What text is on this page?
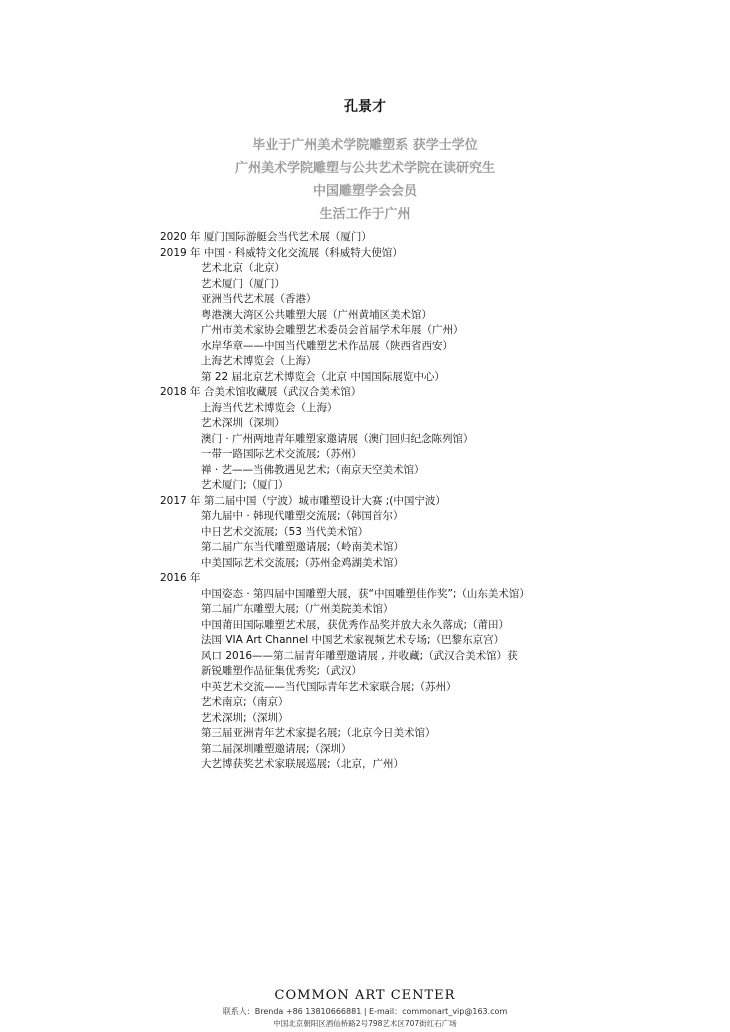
孔景才
毕业于广州美术学院雕塑系 获学士学位
广州美术学院雕塑与公共艺术学院在读研究生
中国雕塑学会会员
生活工作于广州
2020 年 厦门国际游艇会当代艺术展（厦门）
2019 年 中国 · 科威特文化交流展（科威特大使馆）
艺术北京（北京）
艺术厦门（厦门）
亚洲当代艺术展（香港）
粤港澳大湾区公共雕塑大展（广州黄埔区美术馆）
广州市美术家协会雕塑艺术委员会首届学术年展（广州）
水岸华章——中国当代雕塑艺术作品展（陕西省西安）
上海艺术博览会（上海）
第 22 届北京艺术博览会（北京 中国国际展览中心）
2018 年 合美术馆收藏展（武汉合美术馆）
上海当代艺术博览会（上海）
艺术深圳（深圳）
澳门 · 广州两地青年雕塑家邀请展（澳门回归纪念陈列馆）
一带一路国际艺术交流展;（苏州）
禅 · 艺——当佛教遇见艺术;（南京天空美术馆）
艺术厦门;（厦门）
2017 年 第二届中国（宁波）城市雕塑设计大赛 ;(中国宁波）
第九届中 · 韩现代雕塑交流展;（韩国首尔）
中日艺术交流展;（53 当代美术馆）
第二届广东当代雕塑邀请展;（岭南美术馆）
中美国际艺术交流展;（苏州金鸡湖美术馆）
2016 年
中国姿态 · 第四届中国雕塑大展，获“中国雕塑佳作奖”;（山东美术馆）
第二届广东雕塑大展;（广州美院美术馆）
中国莆田国际雕塑艺术展，获优秀作品奖并放大永久落成;（莆田）
法国 VIA Art Channel 中国艺术家视频艺术专场;（巴黎东京宫）
风口 2016——第二届青年雕塑邀请展 , 并收藏;（武汉合美术馆）获
新锐雕塑作品征集优秀奖;（武汉）
中英艺术交流——当代国际青年艺术家联合展;（苏州）
艺术南京;（南京）
艺术深圳;（深圳）
第三届亚洲青年艺术家提名展;（北京今日美术馆）
第二届深圳雕塑邀请展;（深圳）
大艺博获奖艺术家联展巡展;（北京，广州）
COMMON ART CENTER
联系人：Brenda +86 13810666881 | E-mail：commonart_vip@163.com
中国北京朝阳区酒仙桥路2号798艺术区707街红石广场
